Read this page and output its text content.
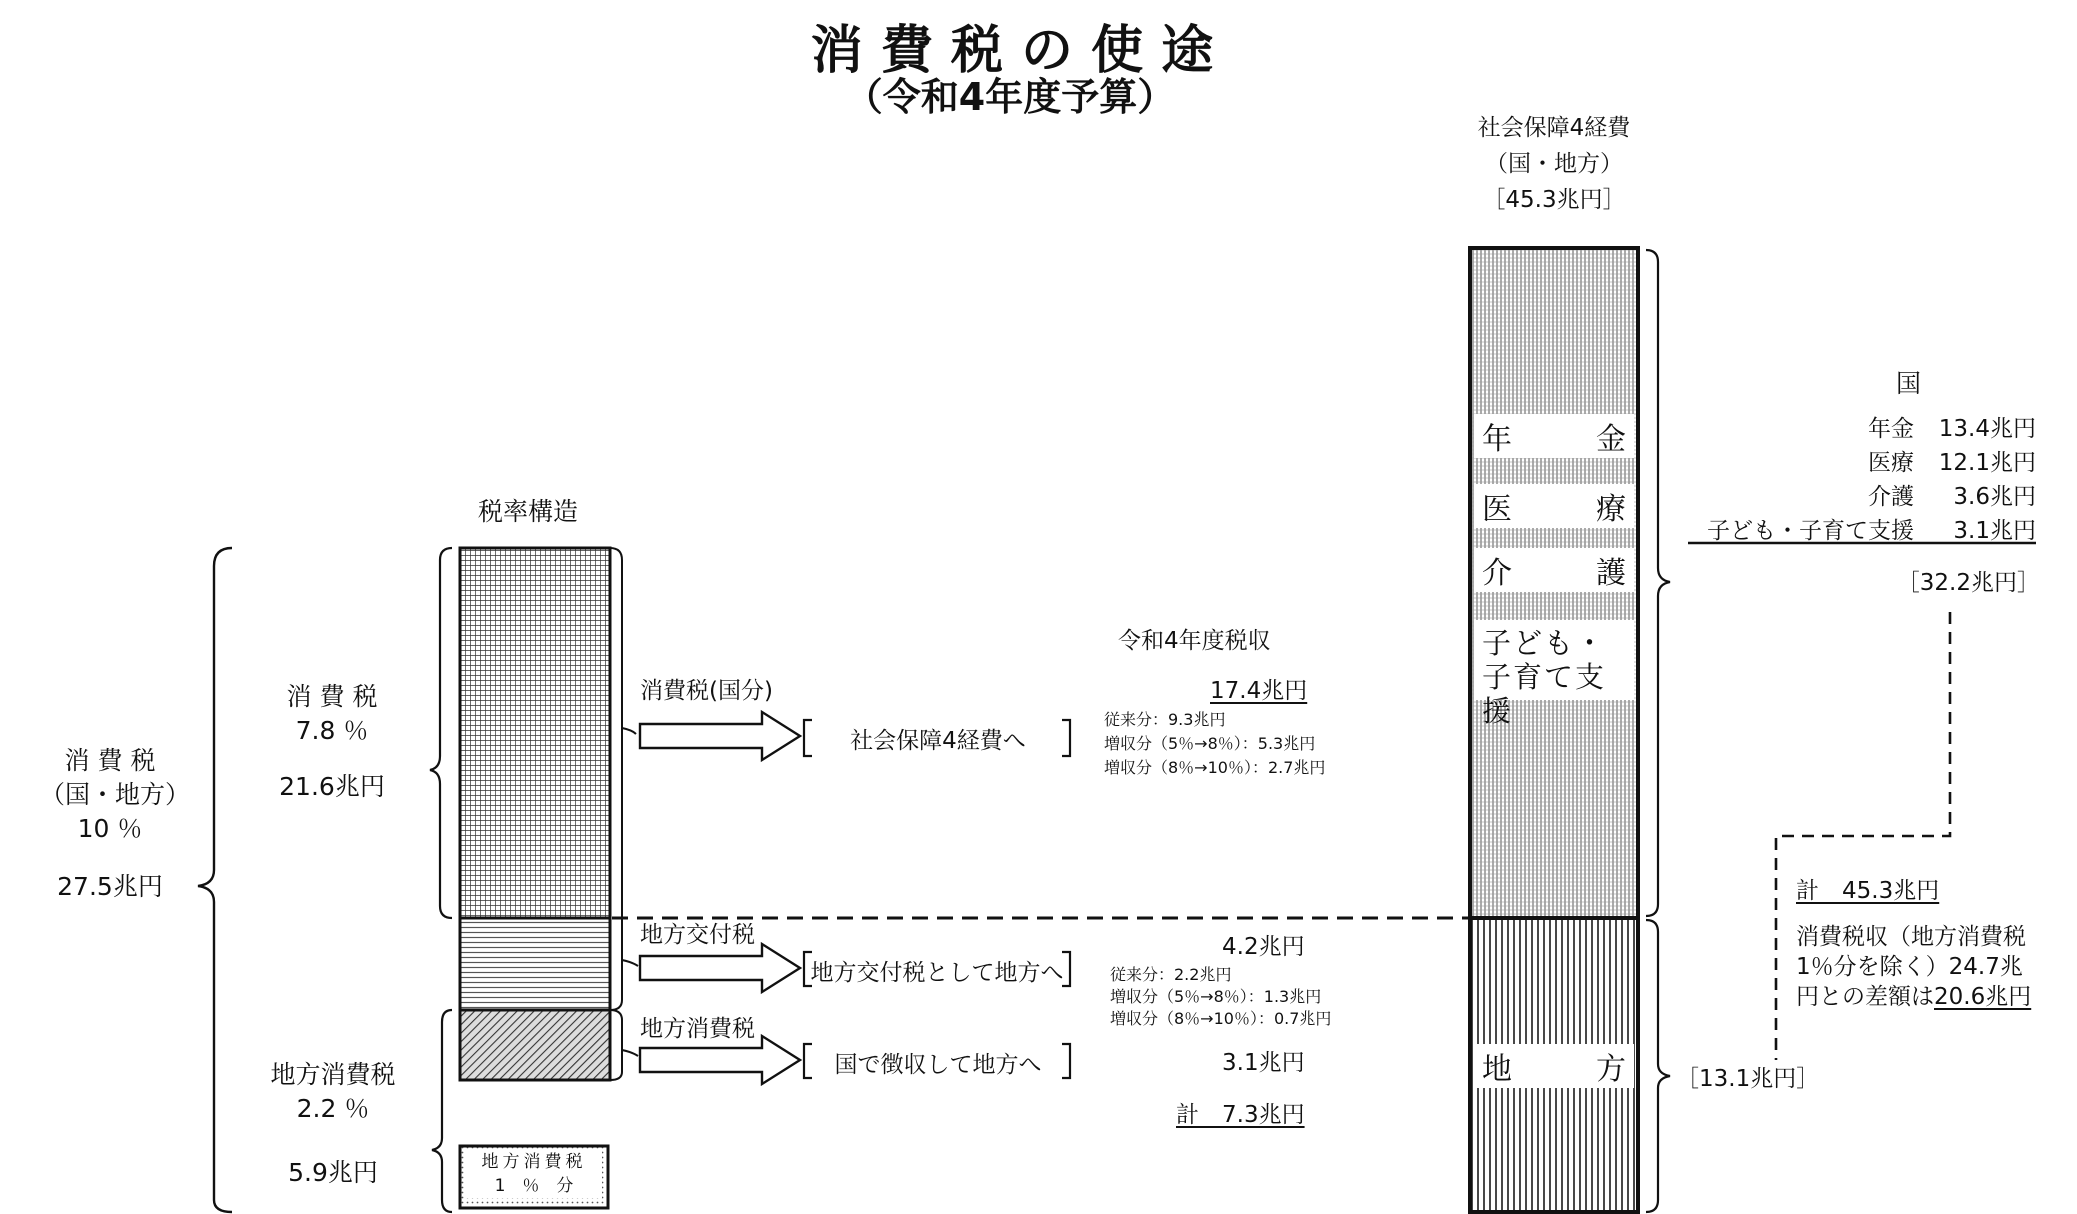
消 費 税 の 使 途
（令和4年度予算）
消 費 税
（国・地方）
10 ％
27.5兆円
消 費 税
7.8 ％
21.6兆円
地方消費税
2.2 ％
5.9兆円
税率構造
地方消費税
1　％　分
消費税(国分)
社会保障4経費へ
地方交付税
地方交付税として地方へ
地方消費税
国で徴収して地方へ
令和4年度税収
17.4兆円
従来分：9.3兆円
増収分（5％→8％）：5.3兆円
増収分（8％→10％）：2.7兆円
4.2兆円
従来分：2.2兆円
増収分（5％→8％）：1.3兆円
増収分（8％→10％）：0.7兆円
3.1兆円
計　7.3兆円
社会保障4経費
（国・地方）
［45.3兆円］
年	金
医	療
介	護
子ども・子育て支援
地	方
国
年金	13.4兆円
医療	12.1兆円
介護	3.6兆円
子ども・子育て支援	3.1兆円
［32.2兆円］
［13.1兆円］
計　45.3兆円
消費税収（地方消費税1％分を除く）24.7兆円との差額は20.6兆円
